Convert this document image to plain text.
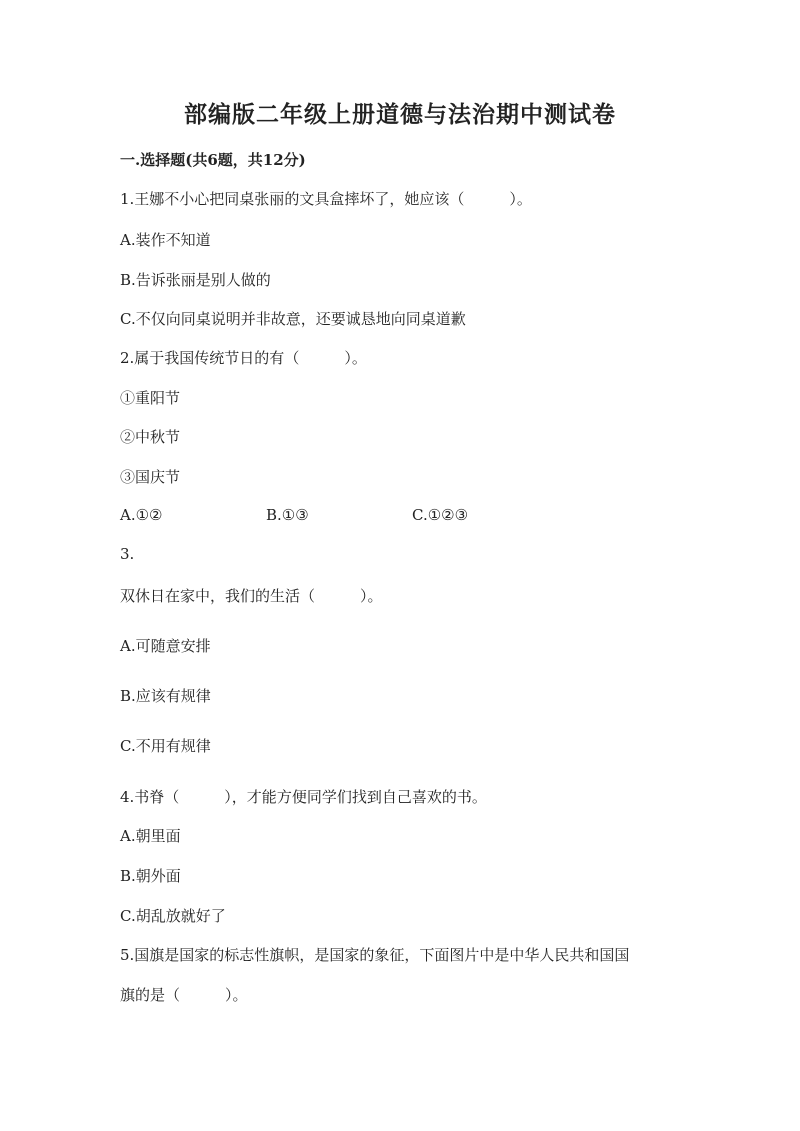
部编版二年级上册道德与法治期中测试卷
一.选择题(共6题，共12分)
1.王娜不小心把同桌张丽的文具盒摔坏了，她应该（　　　）。
A.装作不知道
B.告诉张丽是别人做的
C.不仅向同桌说明并非故意，还要诚恳地向同桌道歉
2.属于我国传统节日的有（　　　）。
①重阳节
②中秋节
③国庆节
A.①②	B.①③	C.①②③
3.
双休日在家中，我们的生活（　　　）。
A.可随意安排
B.应该有规律
C.不用有规律
4.书脊（　　　），才能方便同学们找到自己喜欢的书。
A.朝里面
B.朝外面
C.胡乱放就好了
5.国旗是国家的标志性旗帜，是国家的象征，下面图片中是中华人民共和国国
旗的是（　　　）。
